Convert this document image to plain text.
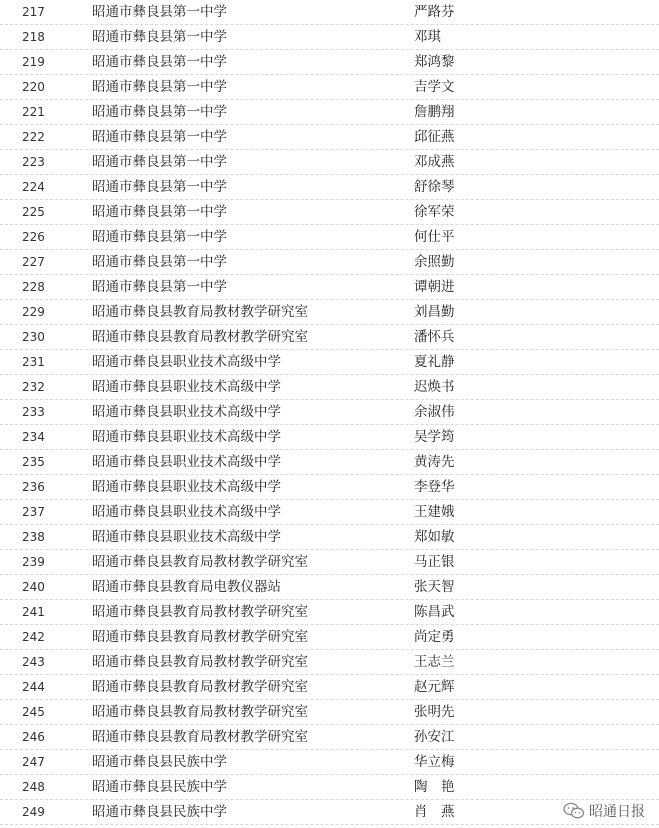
217	昭通市彝良县第一中学	严路芬
218	昭通市彝良县第一中学	邓琪
219	昭通市彝良县第一中学	郑鸿黎
220	昭通市彝良县第一中学	吉学文
221	昭通市彝良县第一中学	詹鹏翔
222	昭通市彝良县第一中学	邱征燕
223	昭通市彝良县第一中学	邓成燕
224	昭通市彝良县第一中学	舒徐琴
225	昭通市彝良县第一中学	徐军荣
226	昭通市彝良县第一中学	何仕平
227	昭通市彝良县第一中学	余照勤
228	昭通市彝良县第一中学	谭朝进
229	昭通市彝良县教育局教材教学研究室	刘昌勤
230	昭通市彝良县教育局教材教学研究室	潘怀兵
231	昭通市彝良县职业技术高级中学	夏礼静
232	昭通市彝良县职业技术高级中学	迟焕书
233	昭通市彝良县职业技术高级中学	余淑伟
234	昭通市彝良县职业技术高级中学	吴学筠
235	昭通市彝良县职业技术高级中学	黄涛先
236	昭通市彝良县职业技术高级中学	李登华
237	昭通市彝良县职业技术高级中学	王建娥
238	昭通市彝良县职业技术高级中学	郑如敏
239	昭通市彝良县教育局教材教学研究室	马正银
240	昭通市彝良县教育局电教仪器站	张天智
241	昭通市彝良县教育局教材教学研究室	陈昌武
242	昭通市彝良县教育局教材教学研究室	尚定勇
243	昭通市彝良县教育局教材教学研究室	王志兰
244	昭通市彝良县教育局教材教学研究室	赵元辉
245	昭通市彝良县教育局教材教学研究室	张明先
246	昭通市彝良县教育局教材教学研究室	孙安江
247	昭通市彝良县民族中学	华立梅
248	昭通市彝良县民族中学	陶　艳
249	昭通市彝良县民族中学	肖　燕	昭通日报
